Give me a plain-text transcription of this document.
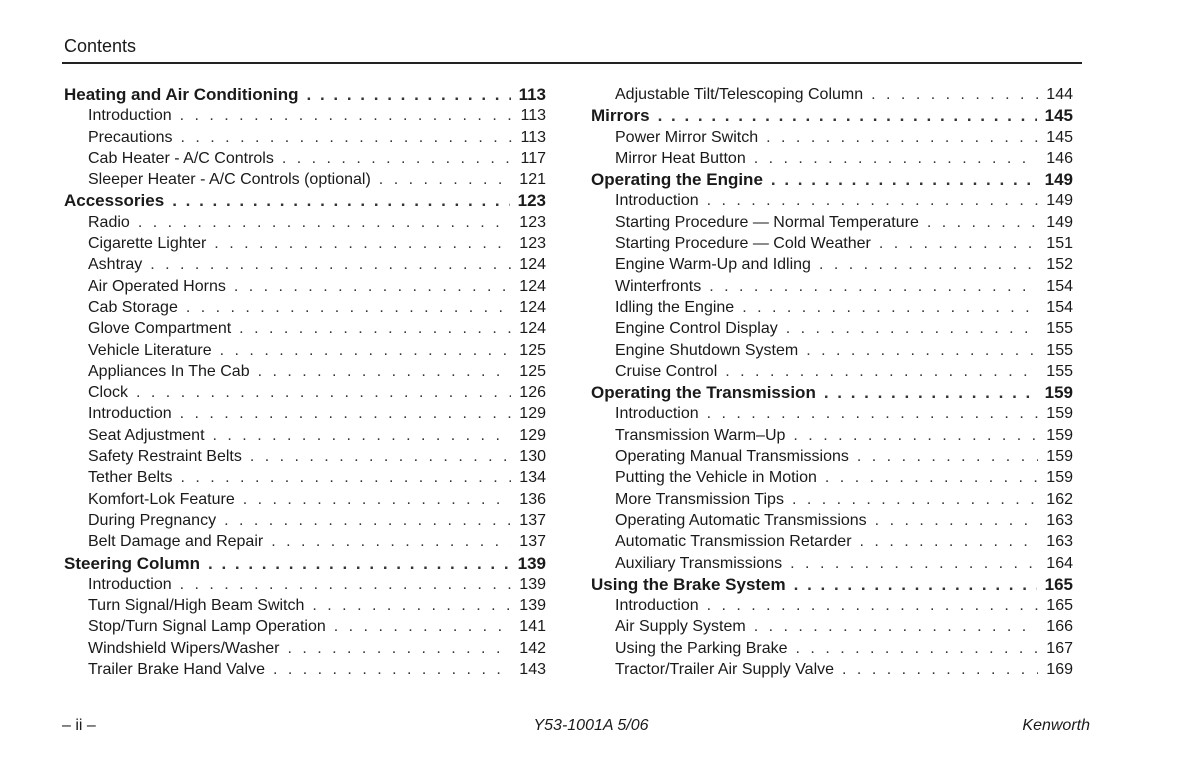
Contents
Heating and Air Conditioning . . .	113
Introduction . . .	113
Precautions . . .	113
Cab Heater - A/C Controls . . .	117
Sleeper Heater - A/C Controls (optional) . . .	121
Accessories . . .	123
Radio . . .	123
Cigarette Lighter . . .	123
Ashtray . . .	124
Air Operated Horns . . .	124
Cab Storage . . .	124
Glove Compartment . . .	124
Vehicle Literature . . .	125
Appliances In The Cab . . .	125
Clock . . .	126
Introduction . . .	129
Seat Adjustment . . .	129
Safety Restraint Belts . . .	130
Tether Belts . . .	134
Komfort-Lok Feature . . .	136
During Pregnancy . . .	137
Belt Damage and Repair . . .	137
Steering Column . . .	139
Introduction . . .	139
Turn Signal/High Beam Switch . . .	139
Stop/Turn Signal Lamp Operation . . .	141
Windshield Wipers/Washer . . .	142
Trailer Brake Hand Valve . . .	143
Adjustable Tilt/Telescoping Column . . .	144
Mirrors . . .	145
Power Mirror Switch . . .	145
Mirror Heat Button . . .	146
Operating the Engine . . .	149
Introduction . . .	149
Starting Procedure — Normal Temperature . . .	149
Starting Procedure — Cold Weather . . .	151
Engine Warm-Up and Idling . . .	152
Winterfronts . . .	154
Idling the Engine . . .	154
Engine Control Display . . .	155
Engine Shutdown System . . .	155
Cruise Control . . .	155
Operating the Transmission . . .	159
Introduction . . .	159
Transmission Warm–Up . . .	159
Operating Manual Transmissions . . .	159
Putting the Vehicle in Motion . . .	159
More Transmission Tips . . .	162
Operating Automatic Transmissions . . .	163
Automatic Transmission Retarder . . .	163
Auxiliary Transmissions . . .	164
Using the Brake System . . .	165
Introduction . . .	165
Air Supply System . . .	166
Using the Parking Brake . . .	167
Tractor/Trailer Air Supply Valve . . .	169
– ii –	Y53-1001A 5/06	Kenworth
